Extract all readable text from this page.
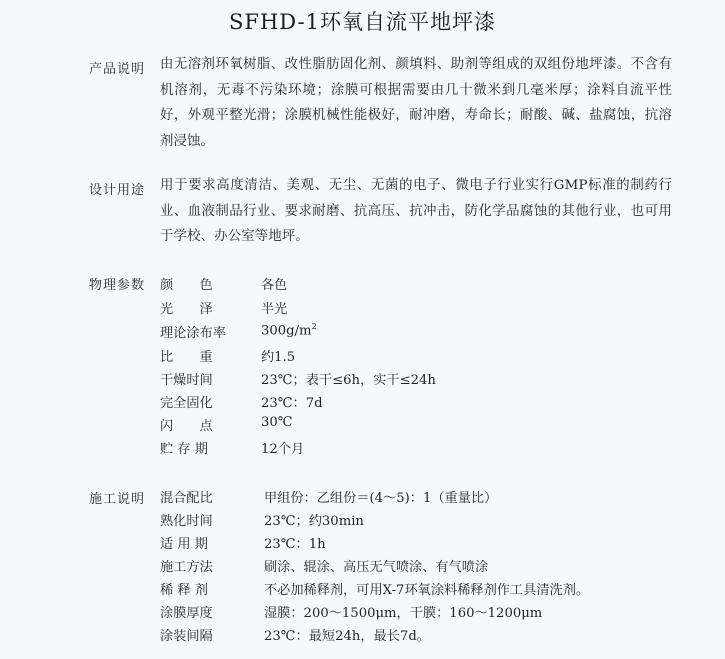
SFHD-1环氧自流平地坪漆
产品说明 由无溶剂环氧树脂、改性脂肪固化剂、颜填料、助剂等组成的双组份地坪漆。不含有机溶剂，无毒不污染环境；涂膜可根据需要由几十微米到几毫米厚；涂料自流平性好，外观平整光滑；涂膜机械性能极好，耐冲磨，寿命长；耐酸、碱、盐腐蚀，抗溶剂浸蚀。
设计用途 用于要求高度清洁、美观、无尘、无菌的电子、微电子行业实行GMP标准的制药行业、血液制品行业、要求耐磨、抗高压、抗冲击，防化学品腐蚀的其他行业，也可用于学校、办公室等地坪。
物理参数 颜　　色	各色
光　　泽	半光
理论涂布率	$300g/m^2$
比　　重	约1.5
干燥时间	23℃；表干≤6h，实干≤24h
完全固化	23℃：7d
闪　　点	30℃
贮 存 期	12个月
施工说明 混合配比	甲组份：乙组份＝(4～5)：1（重量比）
熟化时间	23℃；约30min
适 用 期	23℃：1h
施工方法	刷涂、辊涂、高压无气喷涂、有气喷涂
稀 释 剂	不必加稀释剂，可用X-7环氧涂料稀释剂作工具清洗剂。
涂膜厚度	湿膜：200～1500μm，干膜：160～1200μm
涂装间隔	23℃：最短24h，最长7d。
